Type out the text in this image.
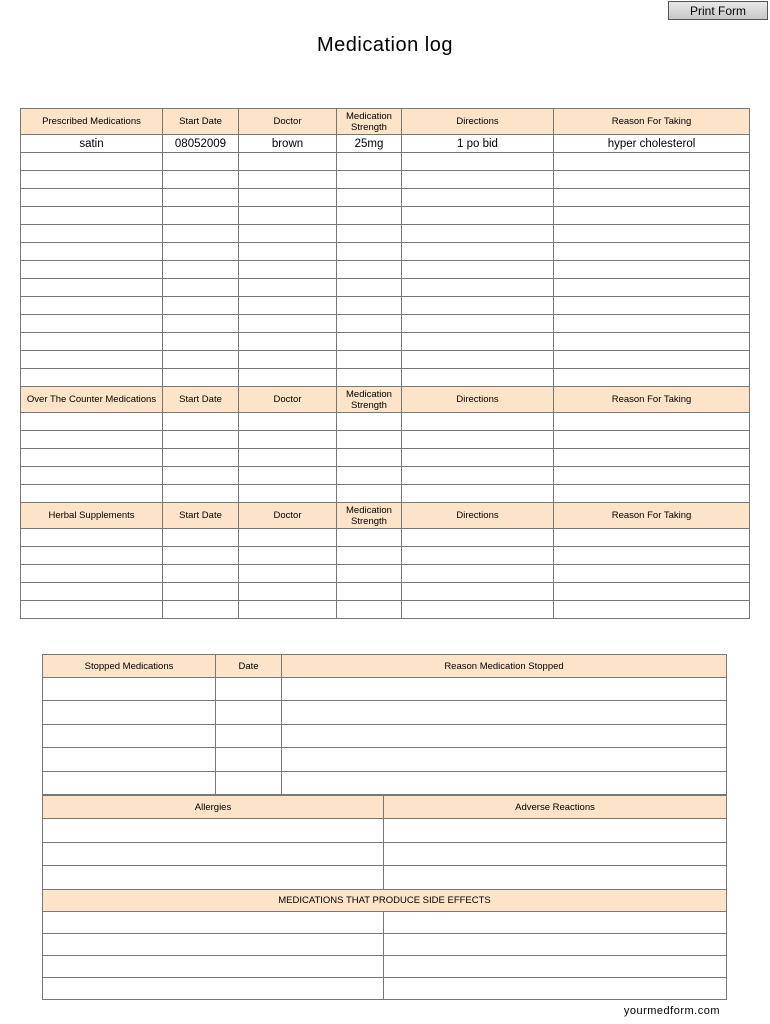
Print Form
Medication log
Prescribed Medications	Start Date	Doctor	Medication Strength	Directions	Reason For Taking
satin	08052009	brown	25mg	1 po bid	hyper cholesterol

Over The Counter Medications	Start Date	Doctor	Medication Strength	Directions	Reason For Taking

Herbal Supplements	Start Date	Doctor	Medication Strength	Directions	Reason For Taking

Stopped Medications	Date	Reason Medication Stopped

Allergies	Adverse Reactions

MEDICATIONS THAT PRODUCE SIDE EFFECTS	

yourmedform.com
